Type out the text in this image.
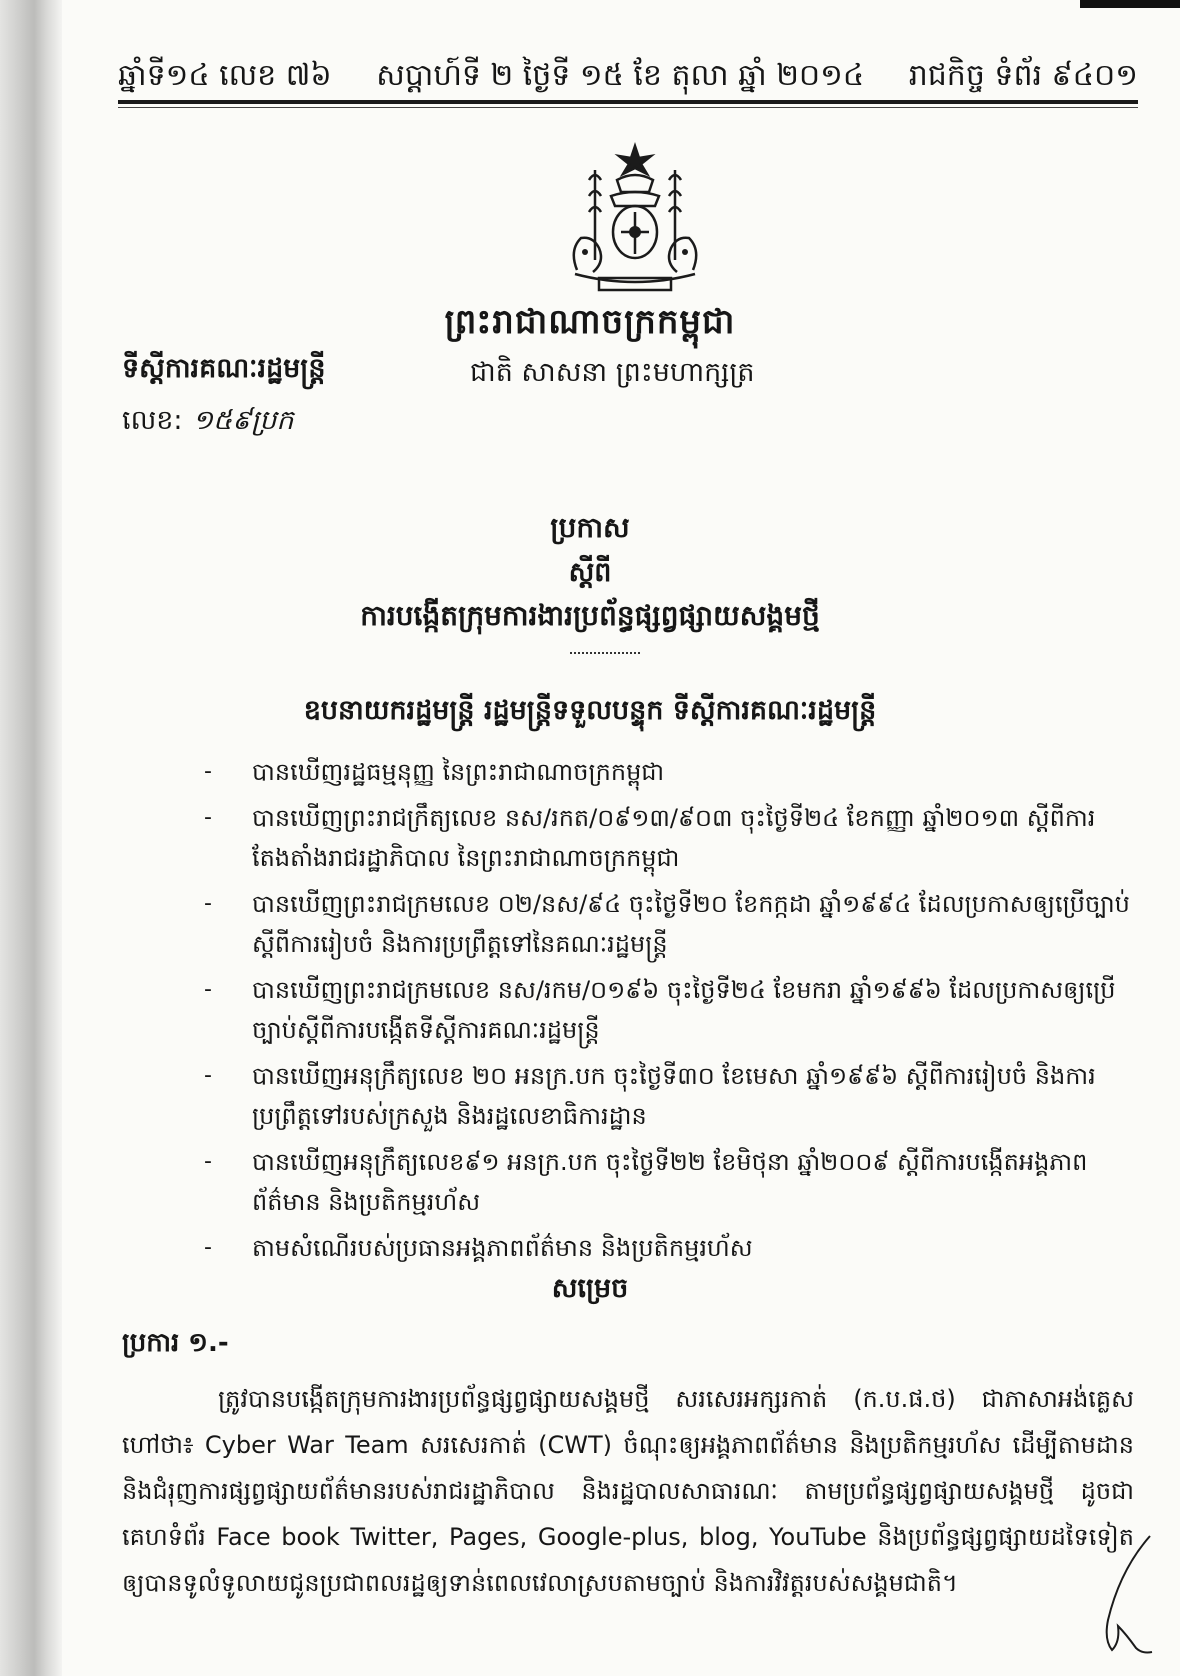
ឆ្នាំទី១៤ លេខ ៧៦ សប្តាហ៍ទី ២ ថ្ងៃទី ១៥ ខែ តុលា ឆ្នាំ ២០១៤ រាជកិច្ច ទំព័រ ៩៤០១
ព្រះរាជាណាចក្រកម្ពុជា
ទីស្តីការគណៈរដ្ឋមន្ត្រី	ជាតិ សាសនា ព្រះមហាក្សត្រ
លេខ: ១៥៩ប្រក
ប្រកាស
ស្តីពី
ការបង្កើតក្រុមការងារប្រព័ន្ធផ្សព្វផ្សាយសង្គមថ្មី
ឧបនាយករដ្ឋមន្ត្រី រដ្ឋមន្ត្រីទទួលបន្ទុក ទីស្តីការគណៈរដ្ឋមន្ត្រី
- បានឃើញរដ្ឋធម្មនុញ្ញ នៃព្រះរាជាណាចក្រកម្ពុជា
- បានឃើញព្រះរាជក្រឹត្យលេខ នស/រកត/០៩១៣/៩០៣ ចុះថ្ងៃទី២៤ ខែកញ្ញា ឆ្នាំ២០១៣ ស្តីពីការតែងតាំងរាជរដ្ឋាភិបាល នៃព្រះរាជាណាចក្រកម្ពុជា
- បានឃើញព្រះរាជក្រមលេខ ០២/នស/៩៤ ចុះថ្ងៃទី២០ ខែកក្កដា ឆ្នាំ១៩៩៤ ដែលប្រកាសឲ្យប្រើច្បាប់ស្តីពីការរៀបចំ និងការប្រព្រឹត្តទៅនៃគណៈរដ្ឋមន្ត្រី
- បានឃើញព្រះរាជក្រមលេខ នស/រកម/០១៩៦ ចុះថ្ងៃទី២៤ ខែមករា ឆ្នាំ១៩៩៦ ដែលប្រកាសឲ្យប្រើច្បាប់ស្តីពីការបង្កើតទីស្តីការគណៈរដ្ឋមន្ត្រី
- បានឃើញអនុក្រឹត្យលេខ ២០ អនក្រ.បក ចុះថ្ងៃទី៣០ ខែមេសា ឆ្នាំ១៩៩៦ ស្តីពីការរៀបចំ និងការប្រព្រឹត្តទៅរបស់ក្រសួង និងរដ្ឋលេខាធិការដ្ឋាន
- បានឃើញអនុក្រឹត្យលេខ៩១ អនក្រ.បក ចុះថ្ងៃទី២២ ខែមិថុនា ឆ្នាំ២០០៩ ស្តីពីការបង្កើតអង្គភាពព័ត៌មាន និងប្រតិកម្មរហ័ស
- តាមសំណើរបស់ប្រធានអង្គភាពព័ត៌មាន និងប្រតិកម្មរហ័ស
សម្រេច
ប្រការ ១.-
ត្រូវបានបង្កើតក្រុមការងារប្រព័ន្ធផ្សព្វផ្សាយសង្គមថ្មី សរសេរអក្សរកាត់ (ក.ប.ផ.ថ) ជាភាសាអង់គ្លេសហៅថា៖ Cyber War Team សរសេរកាត់ (CWT) ចំណុះឲ្យអង្គភាពព័ត៌មាន និងប្រតិកម្មរហ័ស ដើម្បីតាមដាន និងជំរុញការផ្សព្វផ្សាយព័ត៌មានរបស់រាជរដ្ឋាភិបាល និងរដ្ឋបាលសាធារណៈ តាមប្រព័ន្ធផ្សព្វផ្សាយសង្គមថ្មី ដូចជា គេហទំព័រ Face book Twitter, Pages, Google-plus, blog, YouTube និងប្រព័ន្ធផ្សព្វផ្សាយដទៃទៀត ឲ្យបានទូលំទូលាយជូនប្រជាពលរដ្ឋឲ្យទាន់ពេលវេលាស្របតាមច្បាប់ និងការវិវត្តរបស់សង្គមជាតិ។
